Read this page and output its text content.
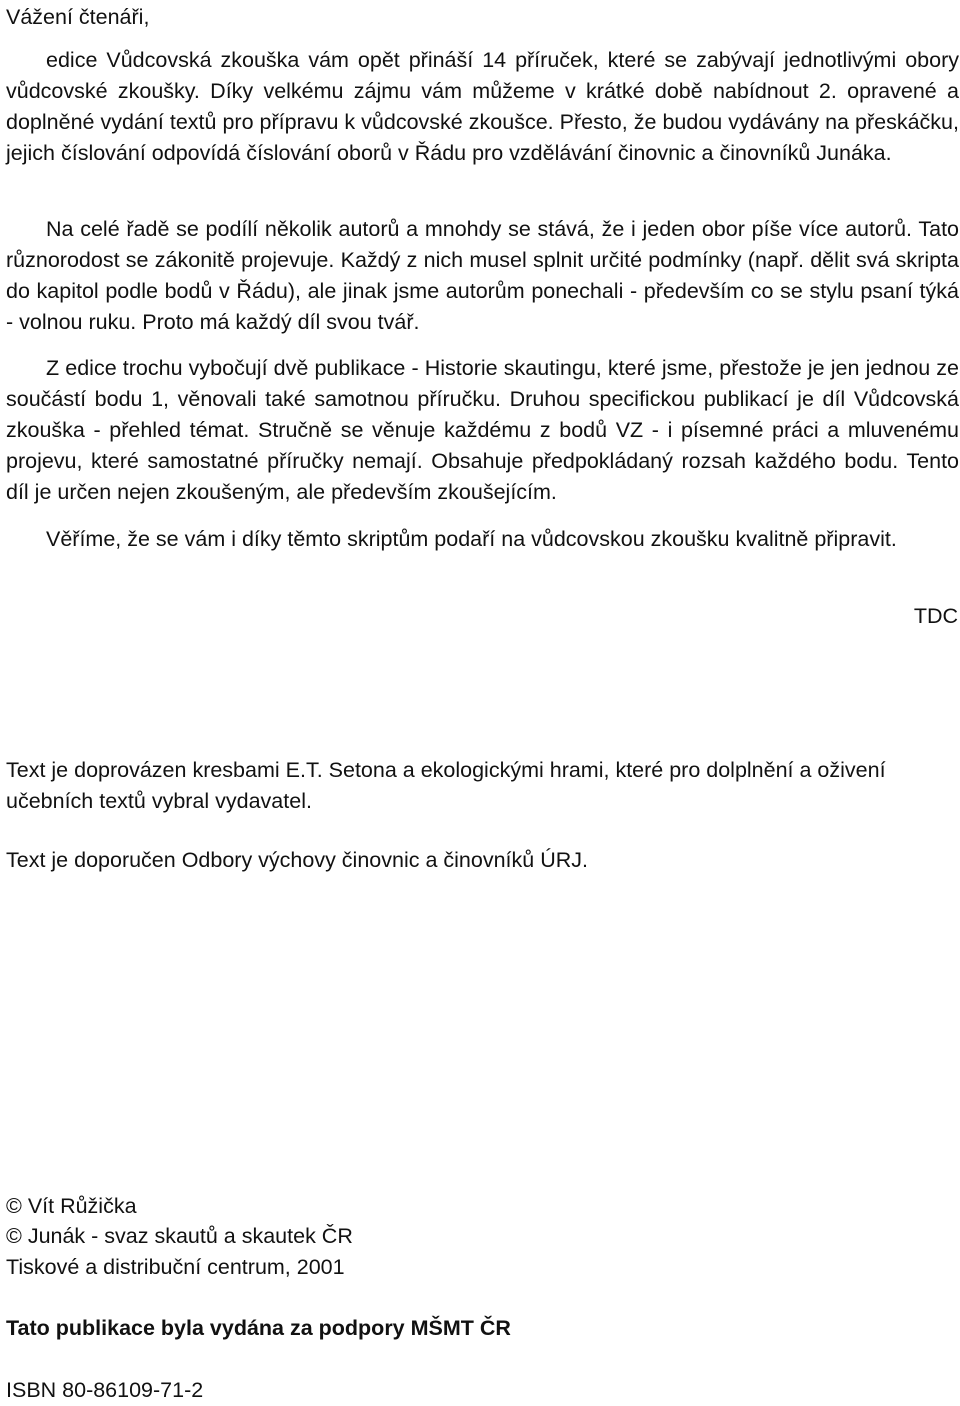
Vážení čtenáři,

edice Vůdcovská zkouška vám opět přináší 14 příruček, které se zabývají jednotlivými obory vůdcovské zkoušky. Díky velkému zájmu vám můžeme v krátké době nabídnout 2. opravené a doplněné vydání textů pro přípravu k vůdcovské zkoušce. Přesto, že budou vydávány na přeskáčku, jejich číslování odpovídá číslování oborů v Řádu pro vzdělávání činovnic a činovníků Junáka.

Na celé řadě se podílí několik autorů a mnohdy se stává, že i jeden obor píše více autorů. Tato různorodost se zákonitě projevuje. Každý z nich musel splnit určité podmínky (např. dělit svá skripta do kapitol podle bodů v Řádu), ale jinak jsme autorům ponechali - především co se stylu psaní týká - volnou ruku. Proto má každý díl svou tvář.

Z edice trochu vybočují dvě publikace - Historie skautingu, které jsme, přestože je jen jednou ze součástí bodu 1, věnovali také samotnou příručku. Druhou specifickou publikací je díl Vůdcovská zkouška - přehled témat. Stručně se věnuje každému z bodů VZ - i písemné práci a mluvenému projevu, které samostatné příručky nemají. Obsahuje předpokládaný rozsah každého bodu. Tento díl je určen nejen zkoušeným, ale především zkoušejícím.

Věříme, že se vám i díky těmto skriptům podaří na vůdcovskou zkoušku kvalitně připravit.

TDC

Text je doprovázen kresbami E.T. Setona a ekologickými hrami, které pro dolplnění a oživení učebních textů vybral vydavatel.

Text je doporučen Odbory výchovy činovnic a činovníků ÚRJ.

© Vít Růžička
© Junák - svaz skautů a skautek ČR
Tiskové a distribuční centrum, 2001
Tato publikace byla vydána za podpory MŠMT ČR
ISBN 80-86109-71-2
